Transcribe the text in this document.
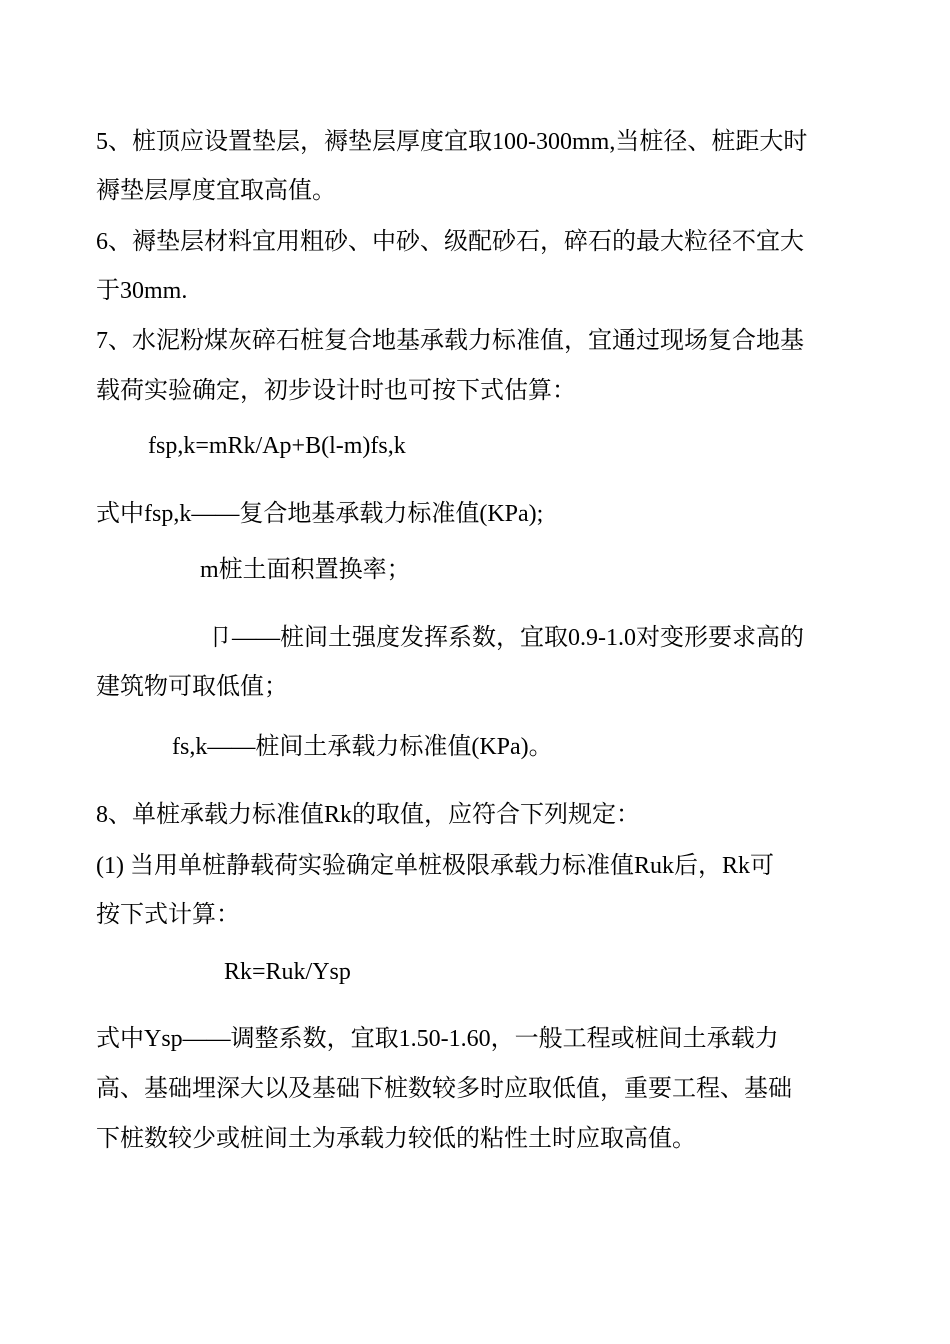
5、桩顶应设置垫层，褥垫层厚度宜取100-300mm,当桩径、桩距大时
褥垫层厚度宜取高值。
6、褥垫层材料宜用粗砂、中砂、级配砂石，碎石的最大粒径不宜大
于30mm.
7、水泥粉煤灰碎石桩复合地基承载力标准值，宜通过现场复合地基
载荷实验确定，初步设计时也可按下式估算：
fsp,k=mRk/Ap+B(l-m)fs,k
式中fsp,k——复合地基承载力标准值(KPa);
m桩土面积置换率；
卩——桩间土强度发挥系数，宜取0.9-1.0对变形要求高的
建筑物可取低值；
fs,k——桩间土承载力标准值(KPa)。
8、单桩承载力标准值Rk的取值，应符合下列规定：
(1) 当用单桩静载荷实验确定单桩极限承载力标准值Ruk后，Rk可
按下式计算：
Rk=Ruk/Ysp
式中Ysp——调整系数，宜取1.50-1.60，一般工程或桩间土承载力
高、基础埋深大以及基础下桩数较多时应取低值，重要工程、基础
下桩数较少或桩间土为承载力较低的粘性土时应取高值。
